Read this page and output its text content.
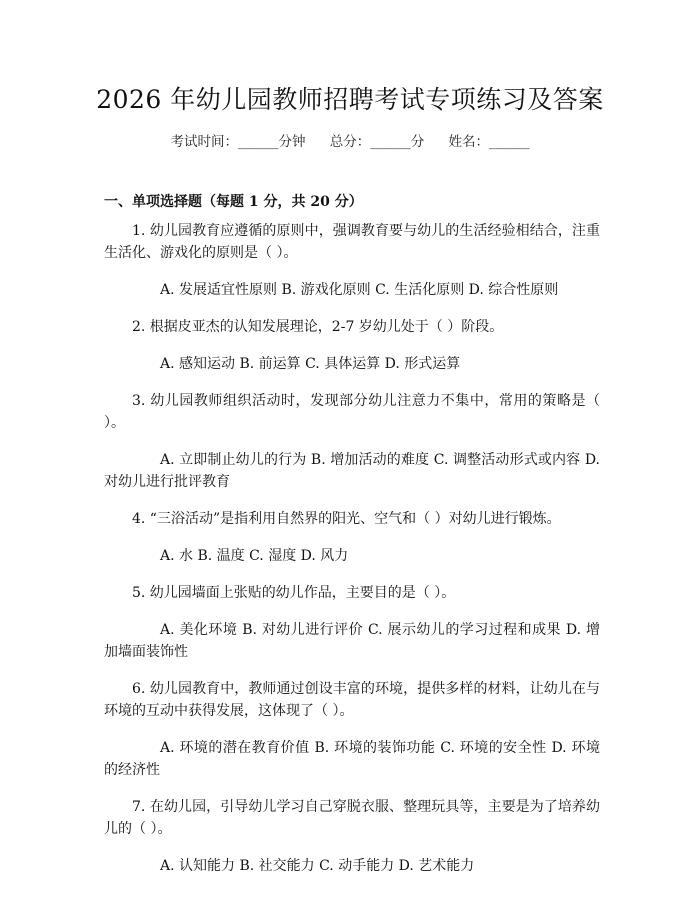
2026 年幼儿园教师招聘考试专项练习及答案
考试时间：______分钟 总分：______分 姓名：______
一、单项选择题（每题 1 分，共 20 分）

1. 幼儿园教育应遵循的原则中，强调教育要与幼儿的生活经验相结合，注重生活化、游戏化的原则是（ ）。

A. 发展适宜性原则 B. 游戏化原则 C. 生活化原则 D. 综合性原则

2. 根据皮亚杰的认知发展理论，2-7 岁幼儿处于（ ）阶段。

A. 感知运动 B. 前运算 C. 具体运算 D. 形式运算

3. 幼儿园教师组织活动时，发现部分幼儿注意力不集中，常用的策略是（ ）。

A. 立即制止幼儿的行为 B. 增加活动的难度 C. 调整活动形式或内容 D. 对幼儿进行批评教育

4. “三浴活动”是指利用自然界的阳光、空气和（ ）对幼儿进行锻炼。

A. 水 B. 温度 C. 湿度 D. 风力

5. 幼儿园墙面上张贴的幼儿作品，主要目的是（ ）。

A. 美化环境 B. 对幼儿进行评价 C. 展示幼儿的学习过程和成果 D. 增加墙面装饰性

6. 幼儿园教育中，教师通过创设丰富的环境，提供多样的材料，让幼儿在与环境的互动中获得发展，这体现了（ ）。

A. 环境的潜在教育价值 B. 环境的装饰功能 C. 环境的安全性 D. 环境的经济性

7. 在幼儿园，引导幼儿学习自己穿脱衣服、整理玩具等，主要是为了培养幼儿的（ ）。

A. 认知能力 B. 社交能力 C. 动手能力 D. 艺术能力
